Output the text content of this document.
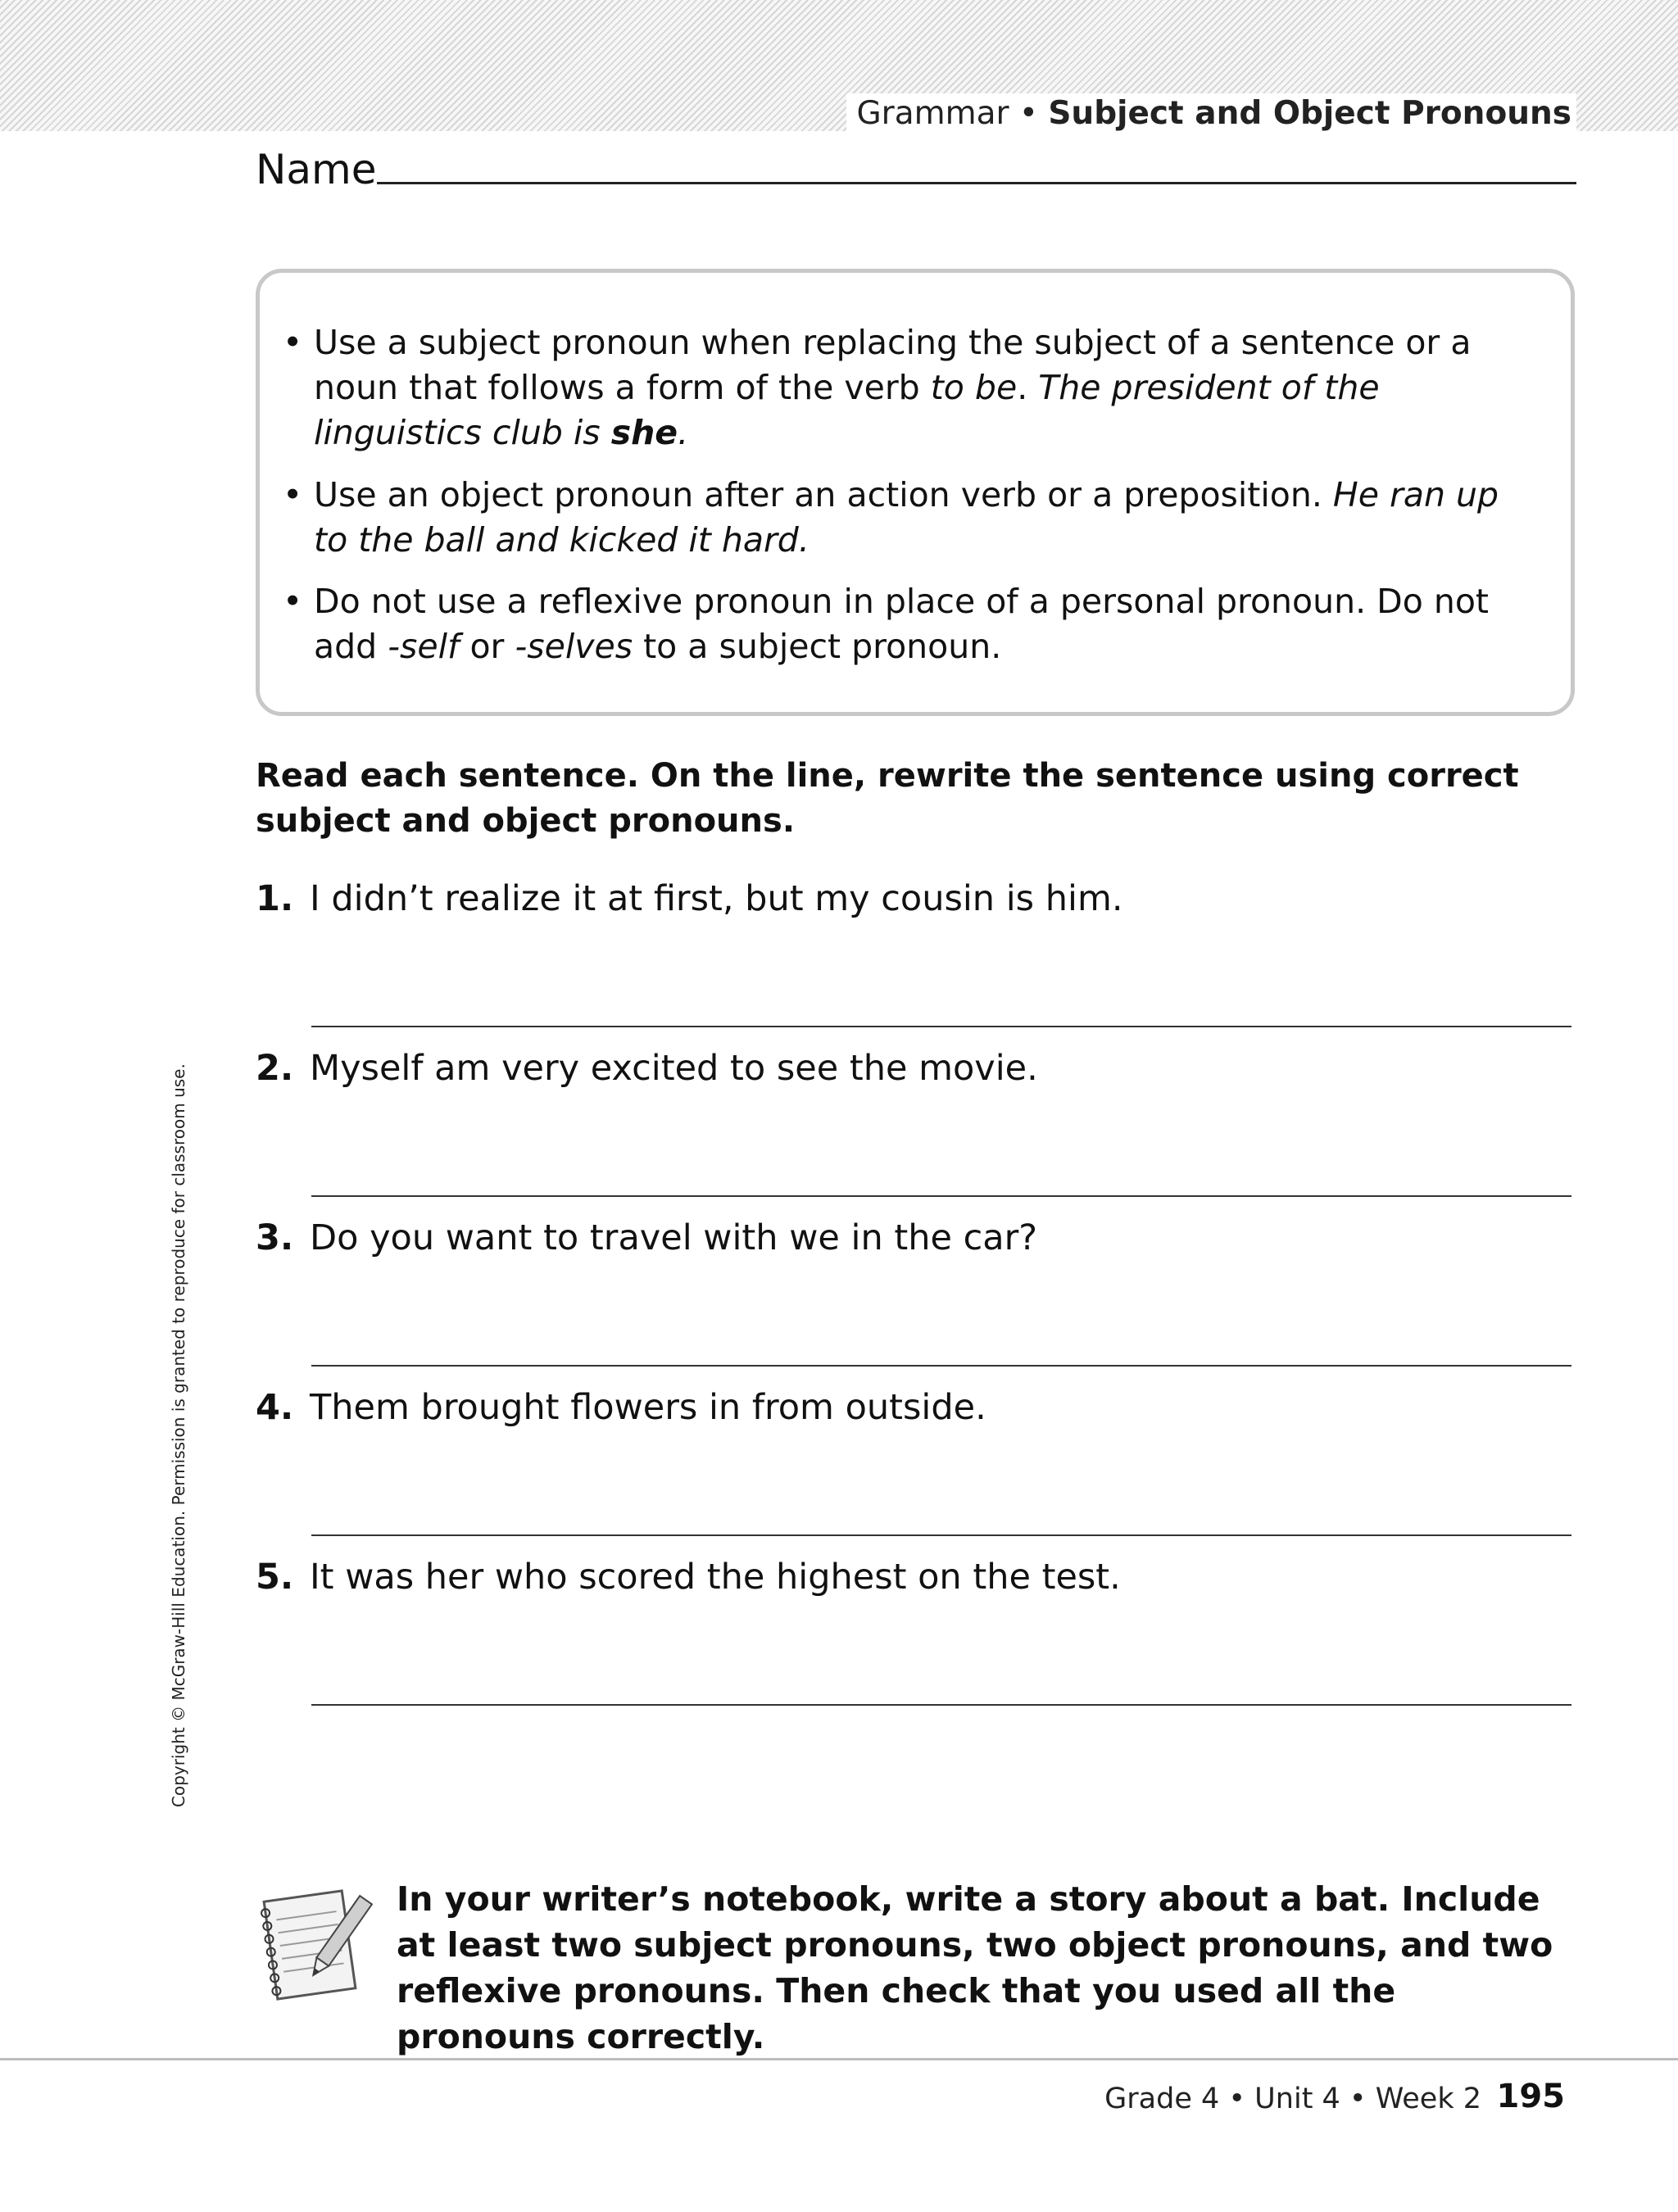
Grammar • Subject and Object Pronouns
Name
• Use a subject pronoun when replacing the subject of a sentence or a noun that follows a form of the verb to be. The president of the linguistics club is she.
• Use an object pronoun after an action verb or a preposition. He ran up to the ball and kicked it hard.
• Do not use a reflexive pronoun in place of a personal pronoun. Do not add -self or -selves to a subject pronoun.
Read each sentence. On the line, rewrite the sentence using correct subject and object pronouns.
1. I didn’t realize it at first, but my cousin is him.
2. Myself am very excited to see the movie.
3. Do you want to travel with we in the car?
4. Them brought flowers in from outside.
5. It was her who scored the highest on the test.
Copyright © McGraw-Hill Education. Permission is granted to reproduce for classroom use.
In your writer’s notebook, write a story about a bat. Include at least two subject pronouns, two object pronouns, and two reflexive pronouns. Then check that you used all the pronouns correctly.
Grade 4 • Unit 4 • Week 2 195
